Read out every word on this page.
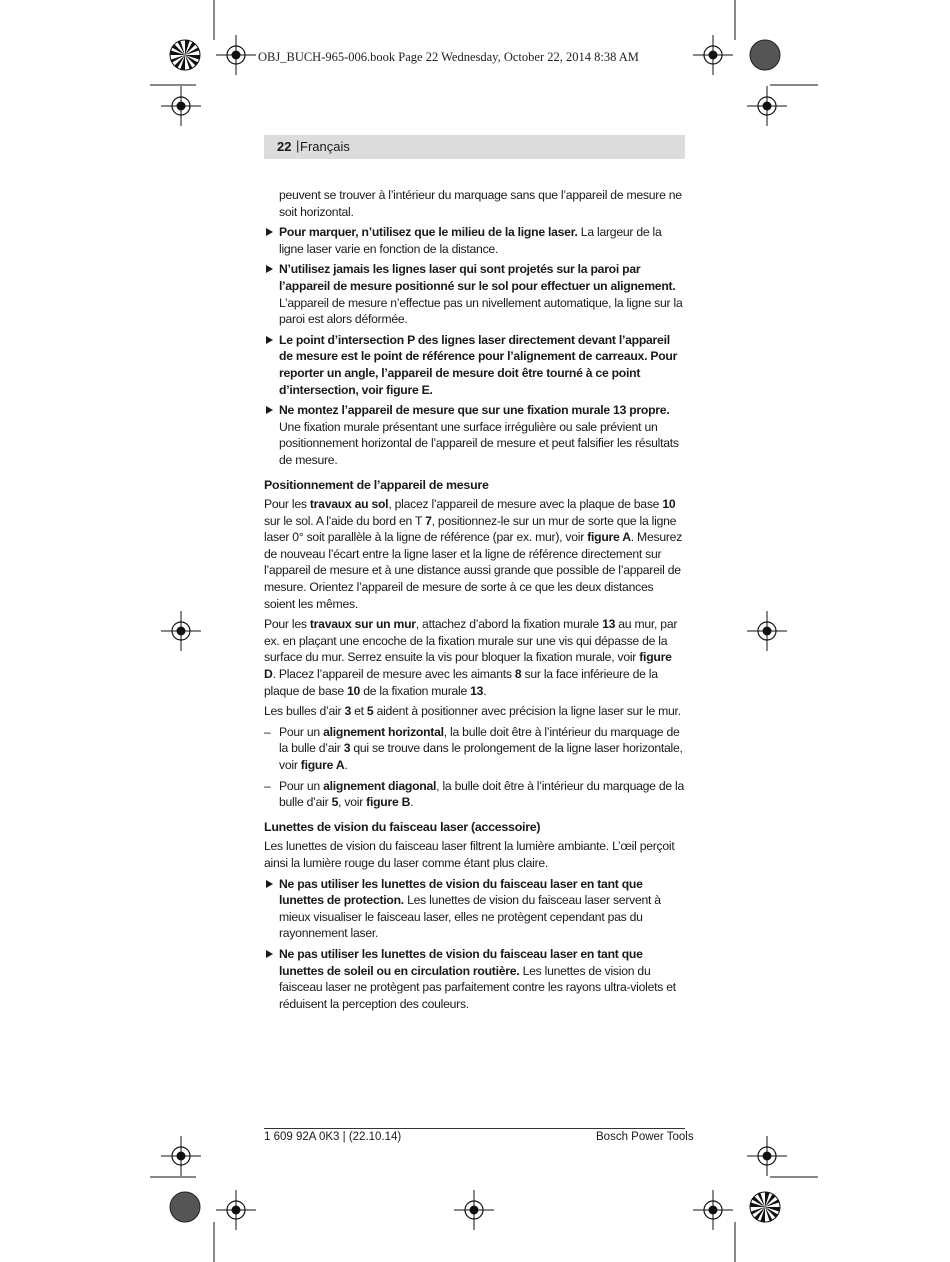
OBJ_BUCH-965-006.book Page 22 Wednesday, October 22, 2014 8:38 AM
22 | Français

peuvent se trouver à l’intérieur du marquage sans que l’appareil de mesure ne soit horizontal.

Pour marquer, n’utilisez que le milieu de la ligne laser. La largeur de la ligne laser varie en fonction de la distance.
N’utilisez jamais les lignes laser qui sont projetés sur la paroi par l’appareil de mesure positionné sur le sol pour effectuer un alignement. L’appareil de mesure n’effectue pas un nivellement automatique, la ligne sur la paroi est alors déformée.
Le point d’intersection P des lignes laser directement devant l’appareil de mesure est le point de référence pour l’alignement de carreaux. Pour reporter un angle, l’appareil de mesure doit être tourné à ce point d’intersection, voir figure E.
Ne montez l’appareil de mesure que sur une fixation murale 13 propre. Une fixation murale présentant une surface irrégulière ou sale prévient un positionnement horizontal de l’appareil de mesure et peut falsifier les résultats de mesure.
Positionnement de l’appareil de mesure

Pour les travaux au sol, placez l’appareil de mesure avec la plaque de base 10 sur le sol. A l’aide du bord en T 7, positionnez-le sur un mur de sorte que la ligne laser 0° soit parallèle à la ligne de référence (par ex. mur), voir figure A. Mesurez de nouveau l’écart entre la ligne laser et la ligne de référence directement sur l’appareil de mesure et à une distance aussi grande que possible de l’appareil de mesure. Orientez l’appareil de mesure de sorte à ce que les deux distances soient les mêmes.

Pour les travaux sur un mur, attachez d’abord la fixation murale 13 au mur, par ex. en plaçant une encoche de la fixation murale sur une vis qui dépasse de la surface du mur. Serrez ensuite la vis pour bloquer la fixation murale, voir figure D. Placez l’appareil de mesure avec les aimants 8 sur la face inférieure de la plaque de base 10 de la fixation murale 13.

Les bulles d’air 3 et 5 aident à positionner avec précision la ligne laser sur le mur.

– Pour un alignement horizontal, la bulle doit être à l’intérieur du marquage de la bulle d’air 3 qui se trouve dans le prolongement de la ligne laser horizontale, voir figure A.
– Pour un alignement diagonal, la bulle doit être à l’intérieur du marquage de la bulle d’air 5, voir figure B.
Lunettes de vision du faisceau laser (accessoire)

Les lunettes de vision du faisceau laser filtrent la lumière ambiante. L’œil perçoit ainsi la lumière rouge du laser comme étant plus claire.

Ne pas utiliser les lunettes de vision du faisceau laser en tant que lunettes de protection. Les lunettes de vision du faisceau laser servent à mieux visualiser le faisceau laser, elles ne protègent cependant pas du rayonnement laser.
Ne pas utiliser les lunettes de vision du faisceau laser en tant que lunettes de soleil ou en circulation routière. Les lunettes de vision du faisceau laser ne protègent pas parfaitement contre les rayons ultra-violets et réduisent la perception des couleurs.
1 609 92A 0K3 | (22.10.14)	Bosch Power Tools
